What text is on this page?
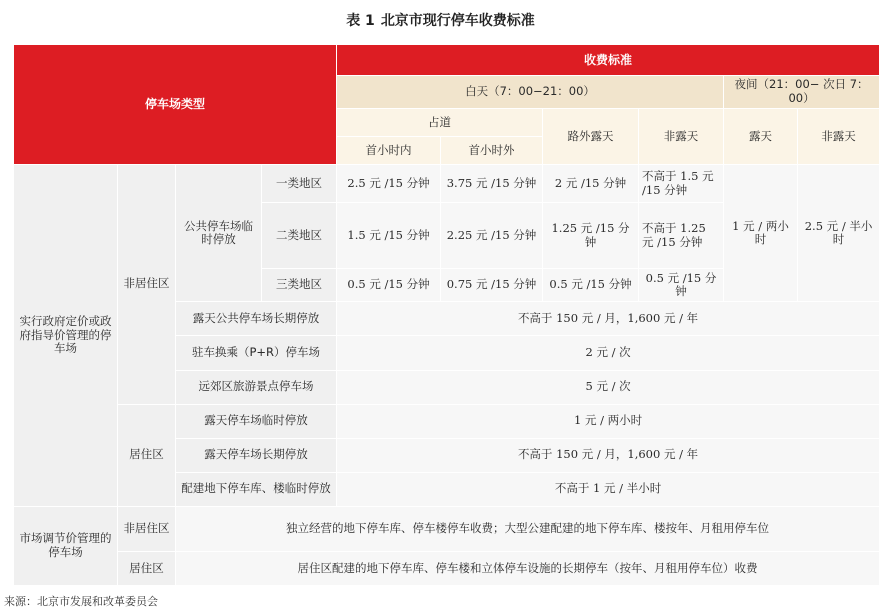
表 1 北京市现行停车收费标准
停车场类型				收费标准					
				白天（7：00−21：00）				夜间（21：00− 次日 7：00）	
				占道		路外露天	非露天	露天	非露天
				首小时内	首小时外				
实行政府定价或政府指导价管理的停车场	非居住区	公共停车场临时停放	一类地区	2.5 元 /15 分钟	3.75 元 /15 分钟	2 元 /15 分钟	不高于 1.5 元 /15 分钟	1 元 / 两小时	2.5 元 / 半小时
			二类地区	1.5 元 /15 分钟	2.25 元 /15 分钟	1.25 元 /15 分钟	不高于 1.25 元 /15 分钟		
			三类地区	0.5 元 /15 分钟	0.75 元 /15 分钟	0.5 元 /15 分钟	0.5 元 /15 分钟		
		露天公共停车场长期停放		不高于 150 元 / 月，1,600 元 / 年					
		驻车换乘（P+R）停车场		2 元 / 次					
		远郊区旅游景点停车场		5 元 / 次					
	居住区	露天停车场临时停放		1 元 / 两小时					
		露天停车场长期停放		不高于 150 元 / 月，1,600 元 / 年					
		配建地下停车库、楼临时停放		不高于 1 元 / 半小时					
市场调节价管理的停车场	非居住区	独立经营的地下停车库、停车楼停车收费；大型公建配建的地下停车库、楼按年、月租用停车位							
	居住区	居住区配建的地下停车库、停车楼和立体停车设施的长期停车（按年、月租用停车位）收费							
来源：北京市发展和改革委员会
